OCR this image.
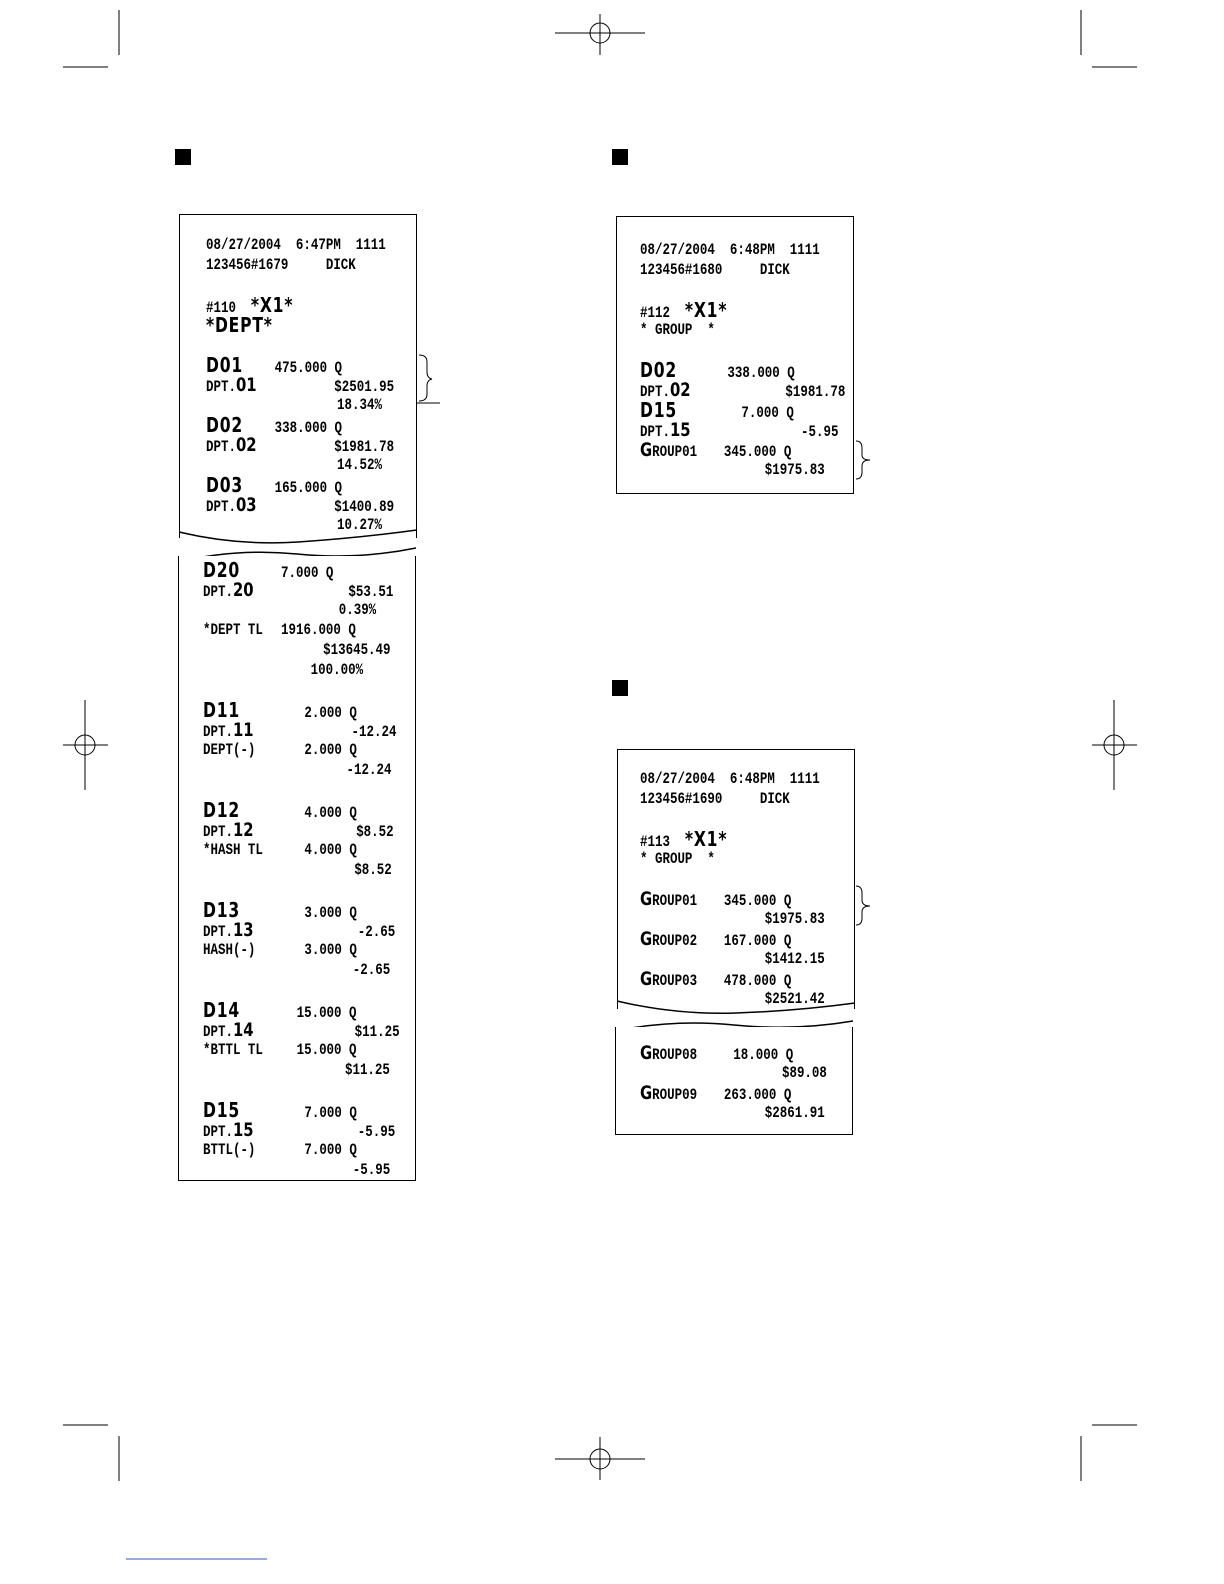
08/27/2004  6:47PM  1111
123456#1679     DICK
#110 *X1*
*DEPT*
D01 475.000 Q
DPT.01	$2501.95
18.34%
D02 338.000 Q
DPT.02	$1981.78
14.52%
D03 165.000 Q
DPT.03	$1400.89
10.27%
D20	7.000 Q
DPT.20	$53.51
0.39%
*DEPT TL 1916.000 Q
$13645.49
100.00%
D11	2.000 Q
DPT.11	-12.24
DEPT(-)	2.000 Q
-12.24
D12	4.000 Q
DPT.12	$8.52
*HASH TL	4.000 Q
$8.52
D13	3.000 Q
DPT.13	-2.65
HASH(-)	3.000 Q
-2.65
D14	15.000 Q
DPT.14	$11.25
*BTTL TL 15.000 Q
$11.25
D15	7.000 Q
DPT.15	-5.95
BTTL(-)	7.000 Q
-5.95
08/27/2004  6:48PM  1111
123456#1680     DICK
#112 *X1*
* GROUP  *
D02	338.000 Q
DPT.02	$1981.78
D15	7.000 Q
DPT.15	-5.95
GROUP01 345.000 Q
$1975.83
08/27/2004  6:48PM  1111
123456#1690     DICK
#113 *X1*
* GROUP  *
GROUP01 345.000 Q
$1975.83
GROUP02 167.000 Q
$1412.15
GROUP03 478.000 Q
$2521.42
GROUP08 18.000 Q
$89.08
GROUP09 263.000 Q
$2861.91
